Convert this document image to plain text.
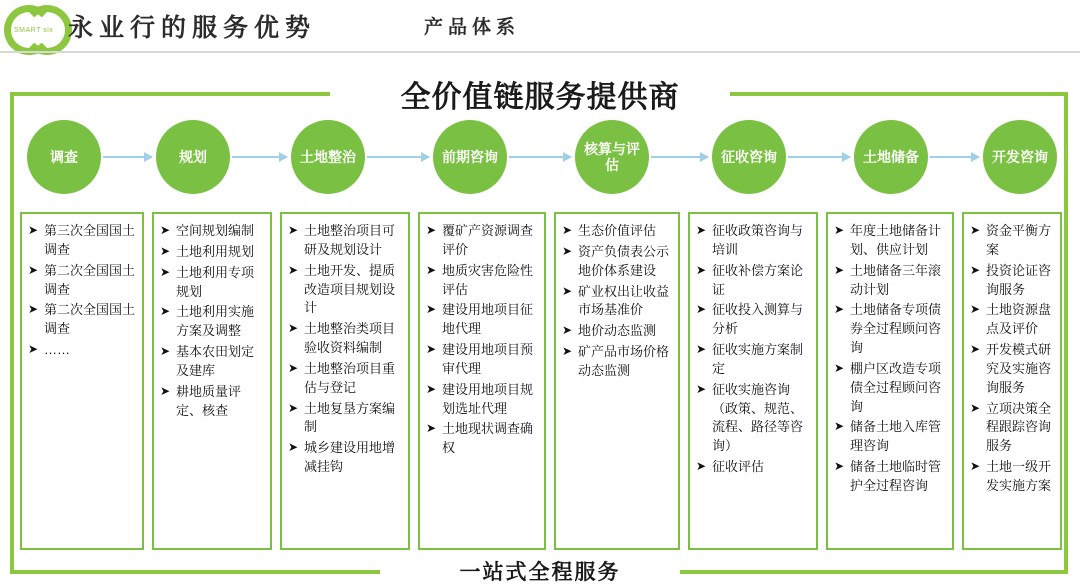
SMART six 永业行的服务优势	产品体系
全价值链服务提供商
一站式全程服务
调查	规划	土地整治	前期咨询
核算与评估
征收咨询	土地储备	开发咨询
➤ 第三次全国国土调查
➤ 第二次全国国土调查
➤ 第二次全国国土调查
➤ ……
➤ 空间规划编制
➤ 土地利用规划
➤ 土地利用专项规划
➤ 土地利用实施方案及调整
➤ 基本农田划定及建库
➤ 耕地质量评定、核查
➤ 土地整治项目可研及规划设计
➤ 土地开发、提质改造项目规划设计
➤ 土地整治类项目验收资料编制
➤ 土地整治项目重估与登记
➤ 土地复垦方案编制
➤ 城乡建设用地增减挂钩
➤ 覆矿产资源调查评价
➤ 地质灾害危险性评估
➤ 建设用地项目征地代理
➤ 建设用地项目预审代理
➤ 建设用地项目规划选址代理
➤ 土地现状调查确权
➤ 生态价值评估
➤ 资产负债表公示地价体系建设
➤ 矿业权出让收益市场基准价
➤ 地价动态监测
➤ 矿产品市场价格动态监测
➤ 征收政策咨询与培训
➤ 征收补偿方案论证
➤ 征收投入测算与分析
➤ 征收实施方案制定
➤ 征收实施咨询（政策、规范、流程、路径等咨询）
➤ 征收评估
➤ 年度土地储备计划、供应计划
➤ 土地储备三年滚动计划
➤ 土地储备专项债券全过程顾问咨询
➤ 棚户区改造专项债全过程顾问咨询
➤ 储备土地入库管理咨询
➤ 储备土地临时管护全过程咨询
➤ 资金平衡方案
➤ 投资论证咨询服务
➤ 土地资源盘点及评价
➤ 开发模式研究及实施咨询服务
➤ 立项决策全程跟踪咨询服务
➤ 土地一级开发实施方案
